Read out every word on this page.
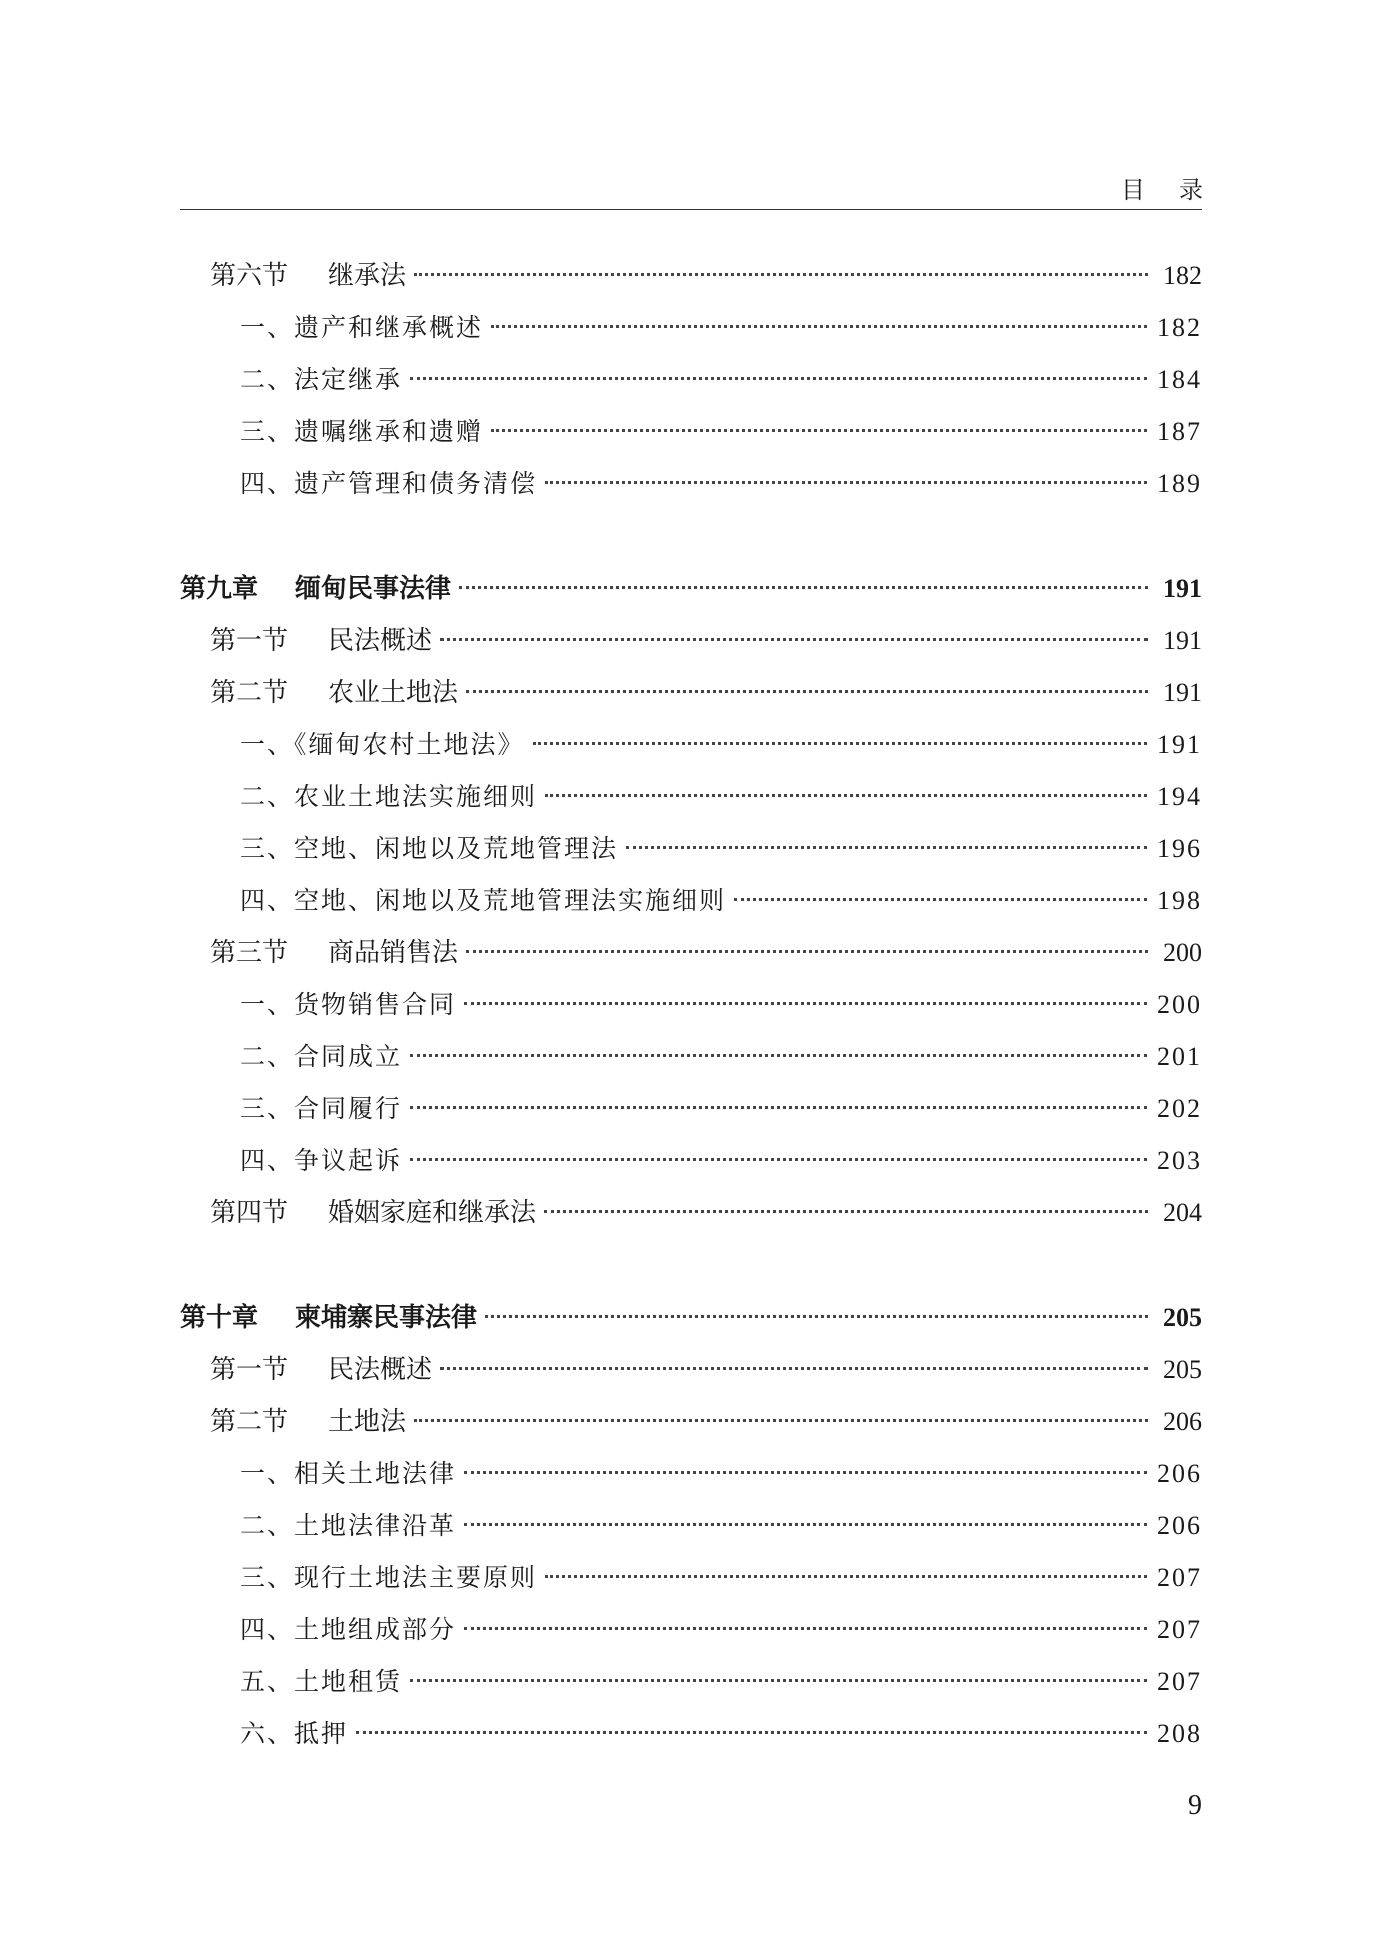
目录
第六节 继承法	182
一、遗产和继承概述	182
二、法定继承	184
三、遗嘱继承和遗赠	187
四、遗产管理和债务清偿	189
第九章 缅甸民事法律	191
第一节 民法概述	191
第二节 农业土地法	191
一、《缅甸农村土地法》	191
二、农业土地法实施细则	194
三、空地、闲地以及荒地管理法	196
四、空地、闲地以及荒地管理法实施细则	198
第三节 商品销售法	200
一、货物销售合同	200
二、合同成立	201
三、合同履行	202
四、争议起诉	203
第四节 婚姻家庭和继承法	204
第十章 柬埔寨民事法律	205
第一节 民法概述	205
第二节 土地法	206
一、相关土地法律	206
二、土地法律沿革	206
三、现行土地法主要原则	207
四、土地组成部分	207
五、土地租赁	207
六、抵押	208
9
